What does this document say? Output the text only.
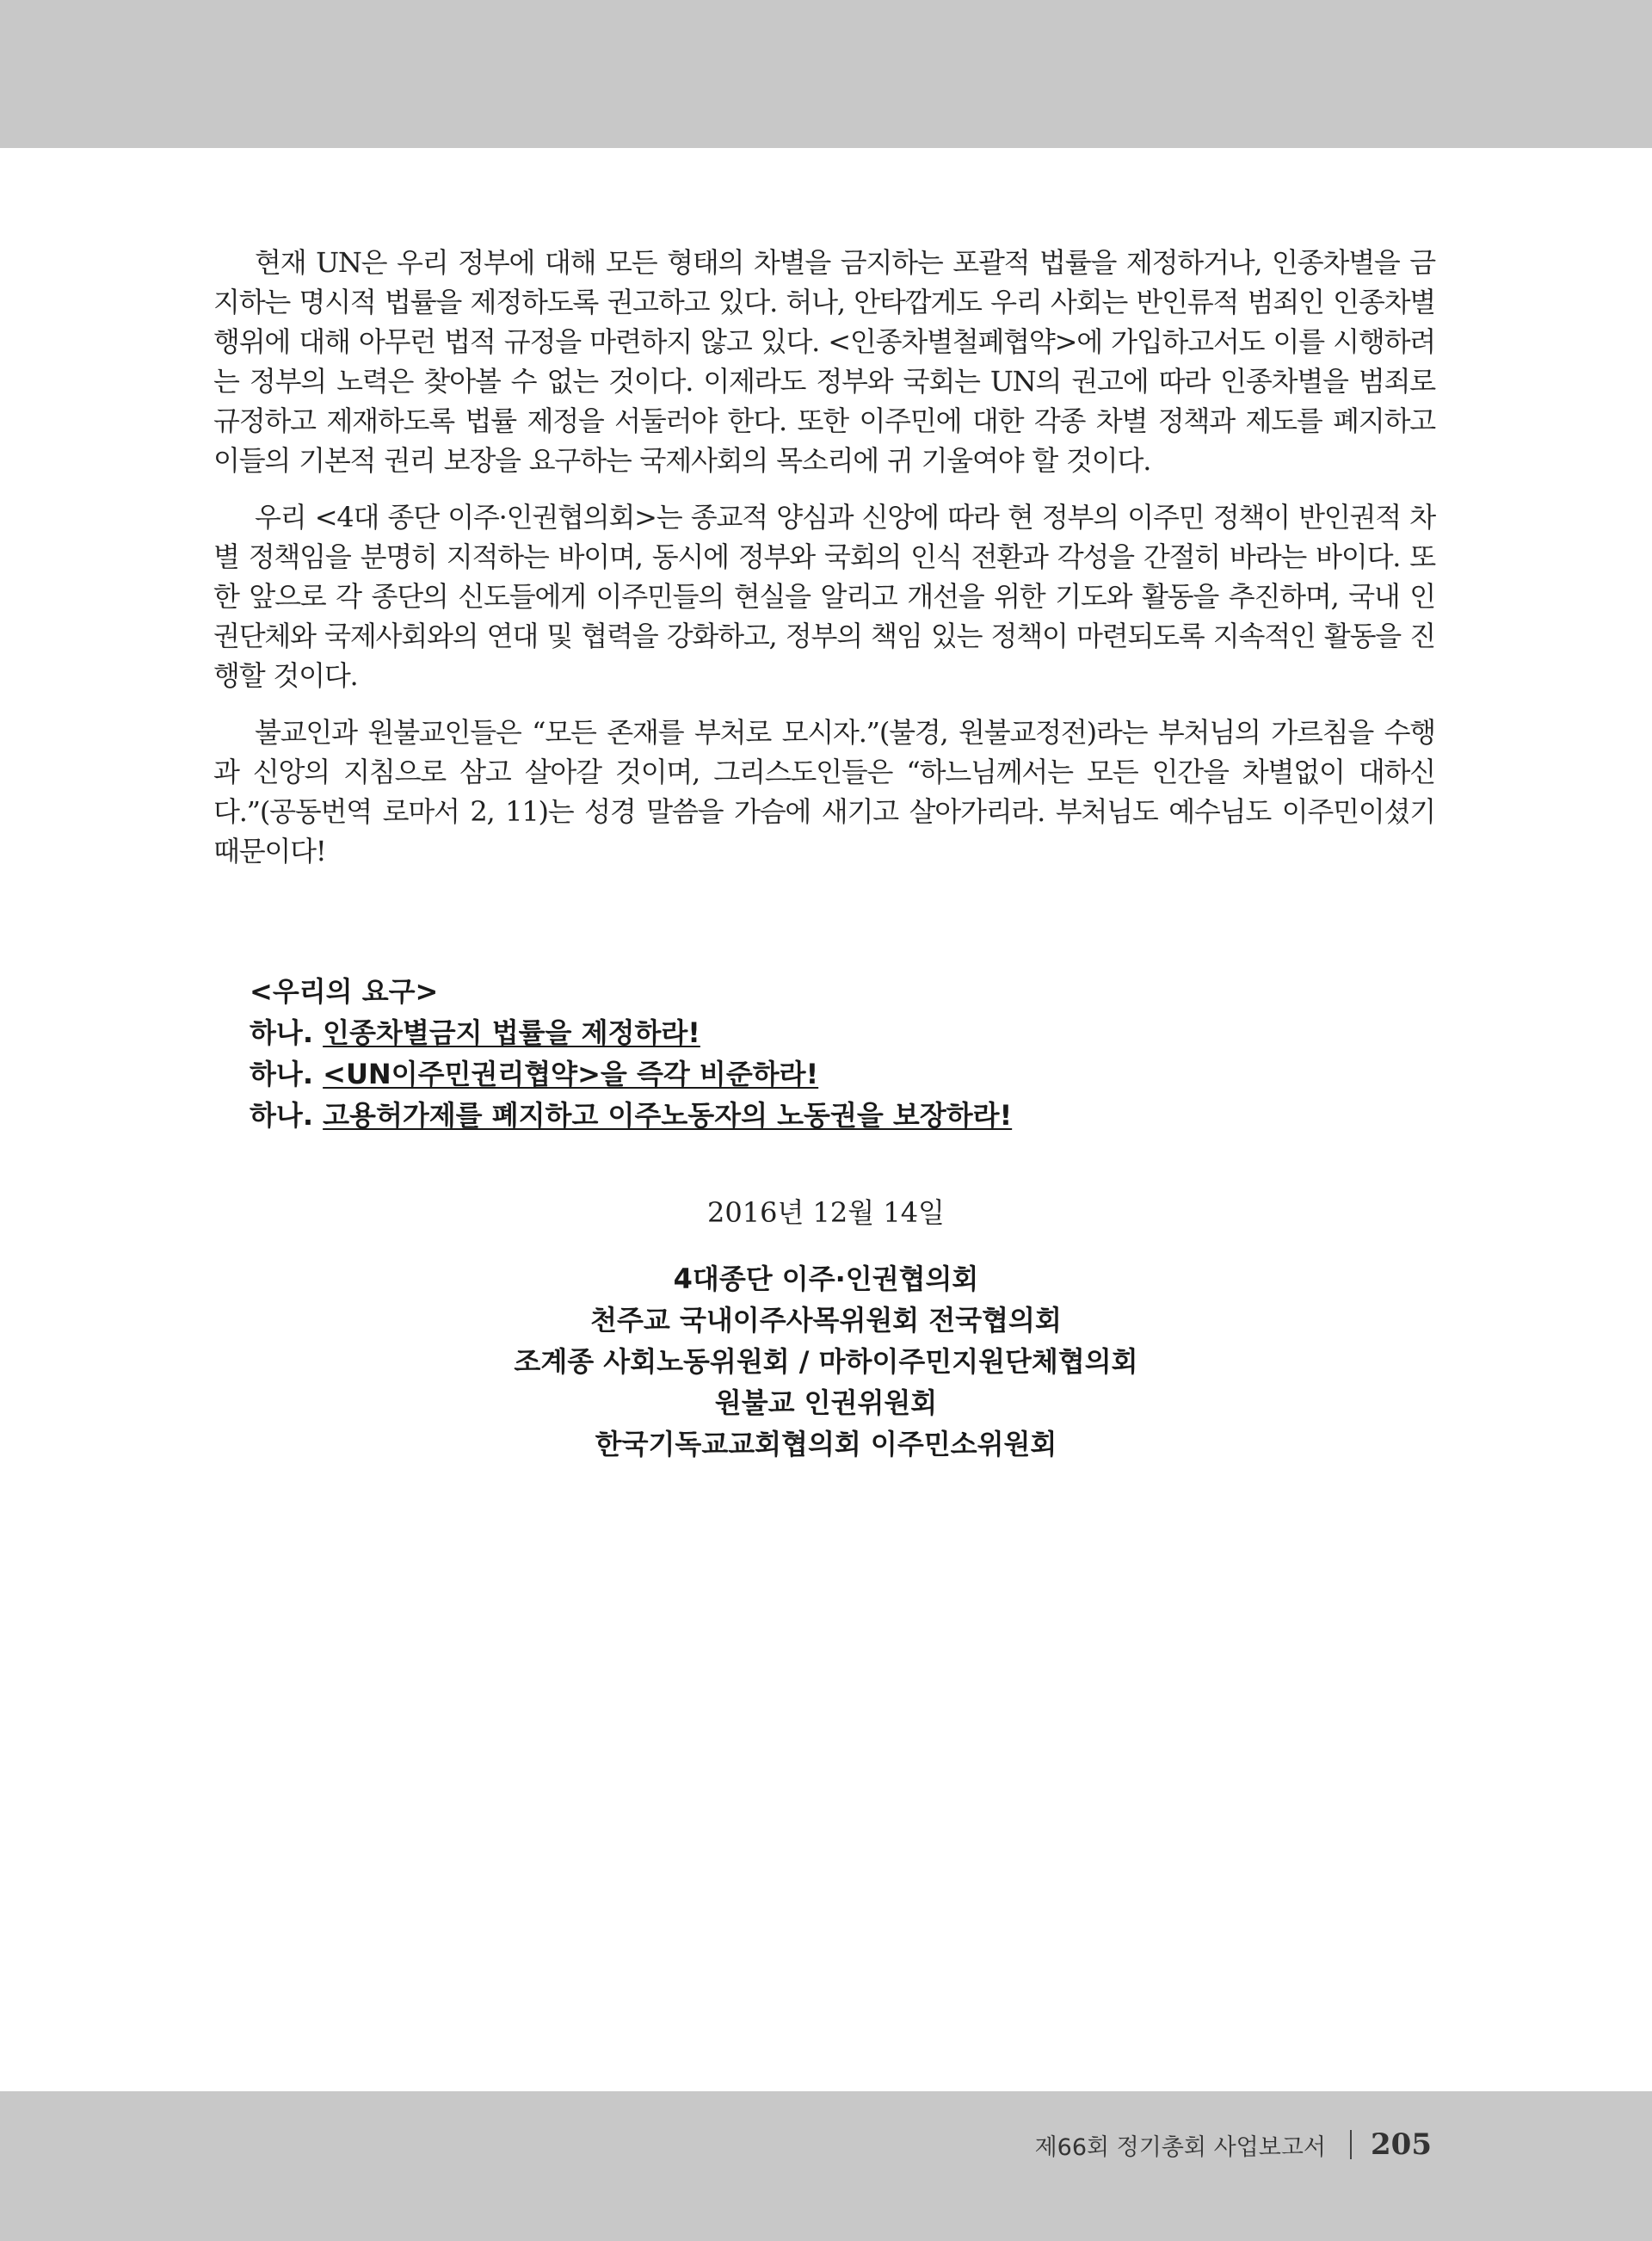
현재 UN은 우리 정부에 대해 모든 형태의 차별을 금지하는 포괄적 법률을 제정하거나, 인종차별을 금지하는 명시적 법률을 제정하도록 권고하고 있다. 허나, 안타깝게도 우리 사회는 반인류적 범죄인 인종차별 행위에 대해 아무런 법적 규정을 마련하지 않고 있다. <인종차별철폐협약>에 가입하고서도 이를 시행하려는 정부의 노력은 찾아볼 수 없는 것이다. 이제라도 정부와 국회는 UN의 권고에 따라 인종차별을 범죄로 규정하고 제재하도록 법률 제정을 서둘러야 한다. 또한 이주민에 대한 각종 차별 정책과 제도를 폐지하고 이들의 기본적 권리 보장을 요구하는 국제사회의 목소리에 귀 기울여야 할 것이다.

우리 <4대 종단 이주·인권협의회>는 종교적 양심과 신앙에 따라 현 정부의 이주민 정책이 반인권적 차별 정책임을 분명히 지적하는 바이며, 동시에 정부와 국회의 인식 전환과 각성을 간절히 바라는 바이다. 또한 앞으로 각 종단의 신도들에게 이주민들의 현실을 알리고 개선을 위한 기도와 활동을 추진하며, 국내 인권단체와 국제사회와의 연대 및 협력을 강화하고, 정부의 책임 있는 정책이 마련되도록 지속적인 활동을 진행할 것이다.

불교인과 원불교인들은 “모든 존재를 부처로 모시자.”(불경, 원불교정전)라는 부처님의 가르침을 수행과 신앙의 지침으로 삼고 살아갈 것이며, 그리스도인들은 “하느님께서는 모든 인간을 차별없이 대하신다.”(공동번역 로마서 2, 11)는 성경 말씀을 가슴에 새기고 살아가리라. 부처님도 예수님도 이주민이셨기 때문이다!

<우리의 요구>
하나. 인종차별금지 법률을 제정하라!
하나. <UN이주민권리협약>을 즉각 비준하라!
하나. 고용허가제를 폐지하고 이주노동자의 노동권을 보장하라!
2016년 12월 14일
4대종단 이주·인권협의회
천주교 국내이주사목위원회 전국협의회
조계종 사회노동위원회 / 마하이주민지원단체협의회
원불교 인권위원회
한국기독교교회협의회 이주민소위원회
제66회 정기총회 사업보고서 205
